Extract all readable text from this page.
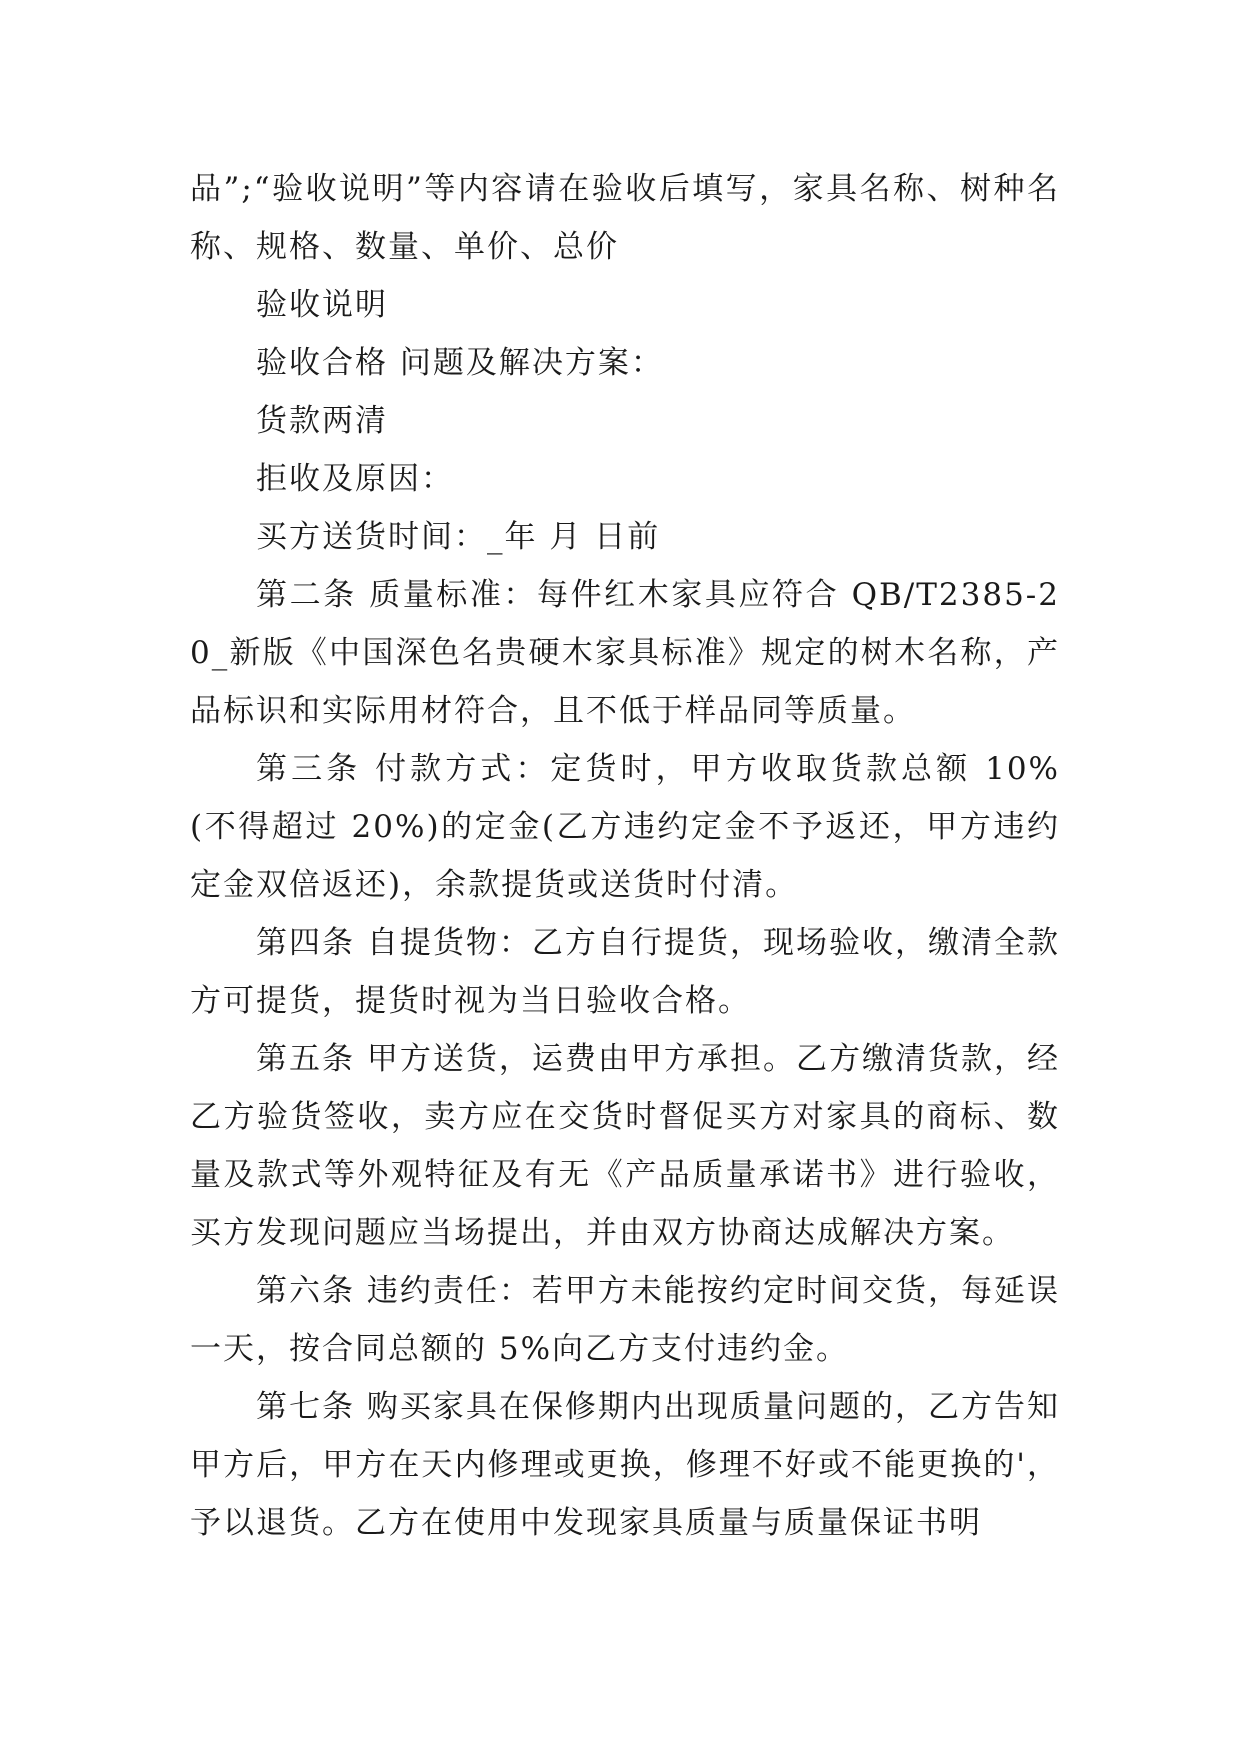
品”;“验收说明”等内容请在验收后填写，家具名称、树种名称、规格、数量、单价、总价

验收说明

验收合格 问题及解决方案：

货款两清

拒收及原因：

买方送货时间：_年 月 日前

第二条 质量标准：每件红木家具应符合 QB/T2385-20_新版《中国深色名贵硬木家具标准》规定的树木名称，产品标识和实际用材符合，且不低于样品同等质量。

第三条 付款方式：定货时，甲方收取货款总额 10%(不得超过 20%)的定金(乙方违约定金不予返还，甲方违约定金双倍返还)，余款提货或送货时付清。

第四条 自提货物：乙方自行提货，现场验收，缴清全款方可提货，提货时视为当日验收合格。

第五条 甲方送货，运费由甲方承担。乙方缴清货款，经乙方验货签收，卖方应在交货时督促买方对家具的商标、数量及款式等外观特征及有无《产品质量承诺书》进行验收，买方发现问题应当场提出，并由双方协商达成解决方案。

第六条 违约责任：若甲方未能按约定时间交货，每延误一天，按合同总额的 5%向乙方支付违约金。

第七条 购买家具在保修期内出现质量问题的，乙方告知甲方后，甲方在天内修理或更换，修理不好或不能更换的'，予以退货。乙方在使用中发现家具质量与质量保证书明
